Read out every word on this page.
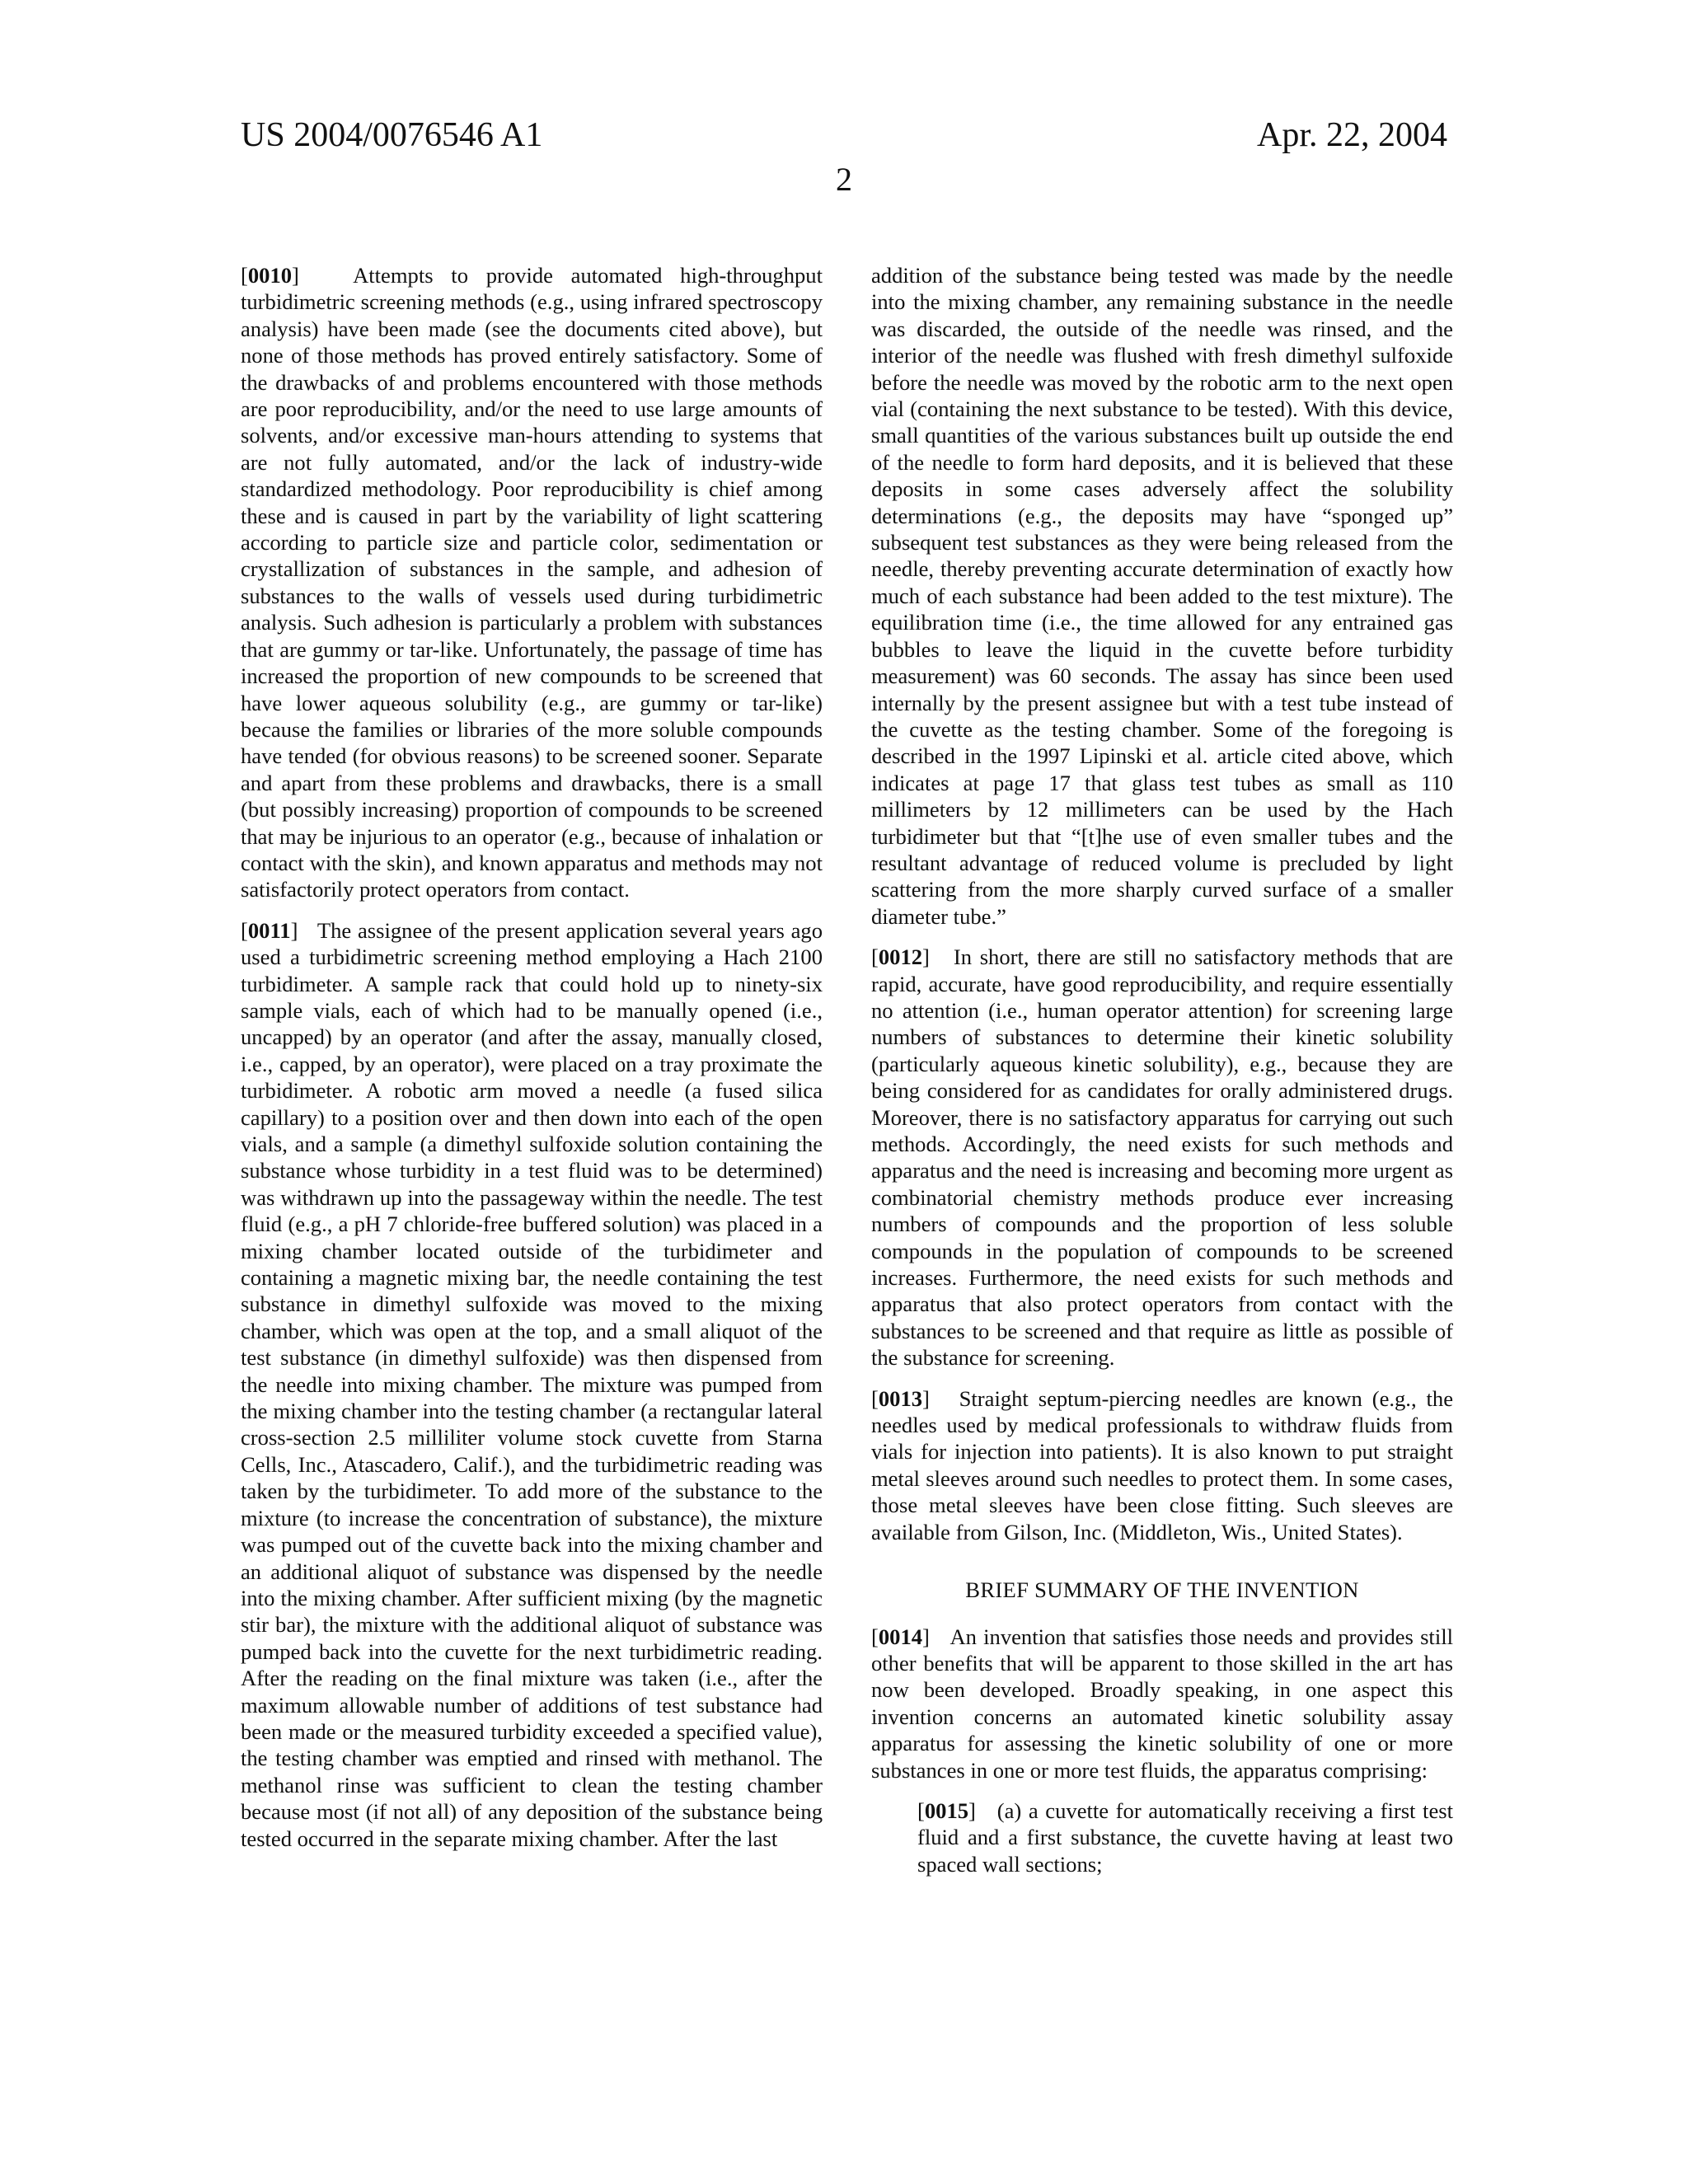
US 2004/0076546 A1	Apr. 22, 2004
2

[0010] Attempts to provide automated high-throughput turbidimetric screening methods (e.g., using infrared spectroscopy analysis) have been made (see the documents cited above), but none of those methods has proved entirely satisfactory. Some of the drawbacks of and problems encountered with those methods are poor reproducibility, and/or the need to use large amounts of solvents, and/or excessive man-hours attending to systems that are not fully automated, and/or the lack of industry-wide standardized methodology. Poor reproducibility is chief among these and is caused in part by the variability of light scattering according to particle size and particle color, sedimentation or crystallization of substances in the sample, and adhesion of substances to the walls of vessels used during turbidimetric analysis. Such adhesion is particularly a problem with substances that are gummy or tar-like. Unfortunately, the passage of time has increased the proportion of new compounds to be screened that have lower aqueous solubility (e.g., are gummy or tar-like) because the families or libraries of the more soluble compounds have tended (for obvious reasons) to be screened sooner. Separate and apart from these problems and drawbacks, there is a small (but possibly increasing) proportion of compounds to be screened that may be injurious to an operator (e.g., because of inhalation or contact with the skin), and known apparatus and methods may not satisfactorily protect operators from contact.

[0011] The assignee of the present application several years ago used a turbidimetric screening method employing a Hach 2100 turbidimeter. A sample rack that could hold up to ninety-six sample vials, each of which had to be manually opened (i.e., uncapped) by an operator (and after the assay, manually closed, i.e., capped, by an operator), were placed on a tray proximate the turbidimeter. A robotic arm moved a needle (a fused silica capillary) to a position over and then down into each of the open vials, and a sample (a dimethyl sulfoxide solution containing the substance whose turbidity in a test fluid was to be determined) was withdrawn up into the passageway within the needle. The test fluid (e.g., a pH 7 chloride-free buffered solution) was placed in a mixing chamber located outside of the turbidimeter and containing a magnetic mixing bar, the needle containing the test substance in dimethyl sulfoxide was moved to the mixing chamber, which was open at the top, and a small aliquot of the test substance (in dimethyl sulfoxide) was then dispensed from the needle into mixing chamber. The mixture was pumped from the mixing chamber into the testing chamber (a rectangular lateral cross-section 2.5 milliliter volume stock cuvette from Starna Cells, Inc., Atascadero, Calif.), and the turbidimetric reading was taken by the turbidimeter. To add more of the substance to the mixture (to increase the concentration of substance), the mixture was pumped out of the cuvette back into the mixing chamber and an additional aliquot of substance was dispensed by the needle into the mixing chamber. After sufficient mixing (by the magnetic stir bar), the mixture with the additional aliquot of substance was pumped back into the cuvette for the next turbidimetric reading. After the reading on the final mixture was taken (i.e., after the maximum allowable number of additions of test substance had been made or the measured turbidity exceeded a specified value), the testing chamber was emptied and rinsed with methanol. The methanol rinse was sufficient to clean the testing chamber because most (if not all) of any deposition of the substance being tested occurred in the separate mixing chamber. After the last

addition of the substance being tested was made by the needle into the mixing chamber, any remaining substance in the needle was discarded, the outside of the needle was rinsed, and the interior of the needle was flushed with fresh dimethyl sulfoxide before the needle was moved by the robotic arm to the next open vial (containing the next substance to be tested). With this device, small quantities of the various substances built up outside the end of the needle to form hard deposits, and it is believed that these deposits in some cases adversely affect the solubility determinations (e.g., the deposits may have “sponged up” subsequent test substances as they were being released from the needle, thereby preventing accurate determination of exactly how much of each substance had been added to the test mixture). The equilibration time (i.e., the time allowed for any entrained gas bubbles to leave the liquid in the cuvette before turbidity measurement) was 60 seconds. The assay has since been used internally by the present assignee but with a test tube instead of the cuvette as the testing chamber. Some of the foregoing is described in the 1997 Lipinski et al. article cited above, which indicates at page 17 that glass test tubes as small as 110 millimeters by 12 millimeters can be used by the Hach turbidimeter but that “[t]he use of even smaller tubes and the resultant advantage of reduced volume is precluded by light scattering from the more sharply curved surface of a smaller diameter tube.”

[0012] In short, there are still no satisfactory methods that are rapid, accurate, have good reproducibility, and require essentially no attention (i.e., human operator attention) for screening large numbers of substances to determine their kinetic solubility (particularly aqueous kinetic solubility), e.g., because they are being considered for as candidates for orally administered drugs. Moreover, there is no satisfactory apparatus for carrying out such methods. Accordingly, the need exists for such methods and apparatus and the need is increasing and becoming more urgent as combinatorial chemistry methods produce ever increasing numbers of compounds and the proportion of less soluble compounds in the population of compounds to be screened increases. Furthermore, the need exists for such methods and apparatus that also protect operators from contact with the substances to be screened and that require as little as possible of the substance for screening.

[0013] Straight septum-piercing needles are known (e.g., the needles used by medical professionals to withdraw fluids from vials for injection into patients). It is also known to put straight metal sleeves around such needles to protect them. In some cases, those metal sleeves have been close fitting. Such sleeves are available from Gilson, Inc. (Middleton, Wis., United States).

BRIEF SUMMARY OF THE INVENTION

[0014] An invention that satisfies those needs and provides still other benefits that will be apparent to those skilled in the art has now been developed. Broadly speaking, in one aspect this invention concerns an automated kinetic solubility assay apparatus for assessing the kinetic solubility of one or more substances in one or more test fluids, the apparatus comprising:

[0015] (a) a cuvette for automatically receiving a first test fluid and a first substance, the cuvette having at least two spaced wall sections;
